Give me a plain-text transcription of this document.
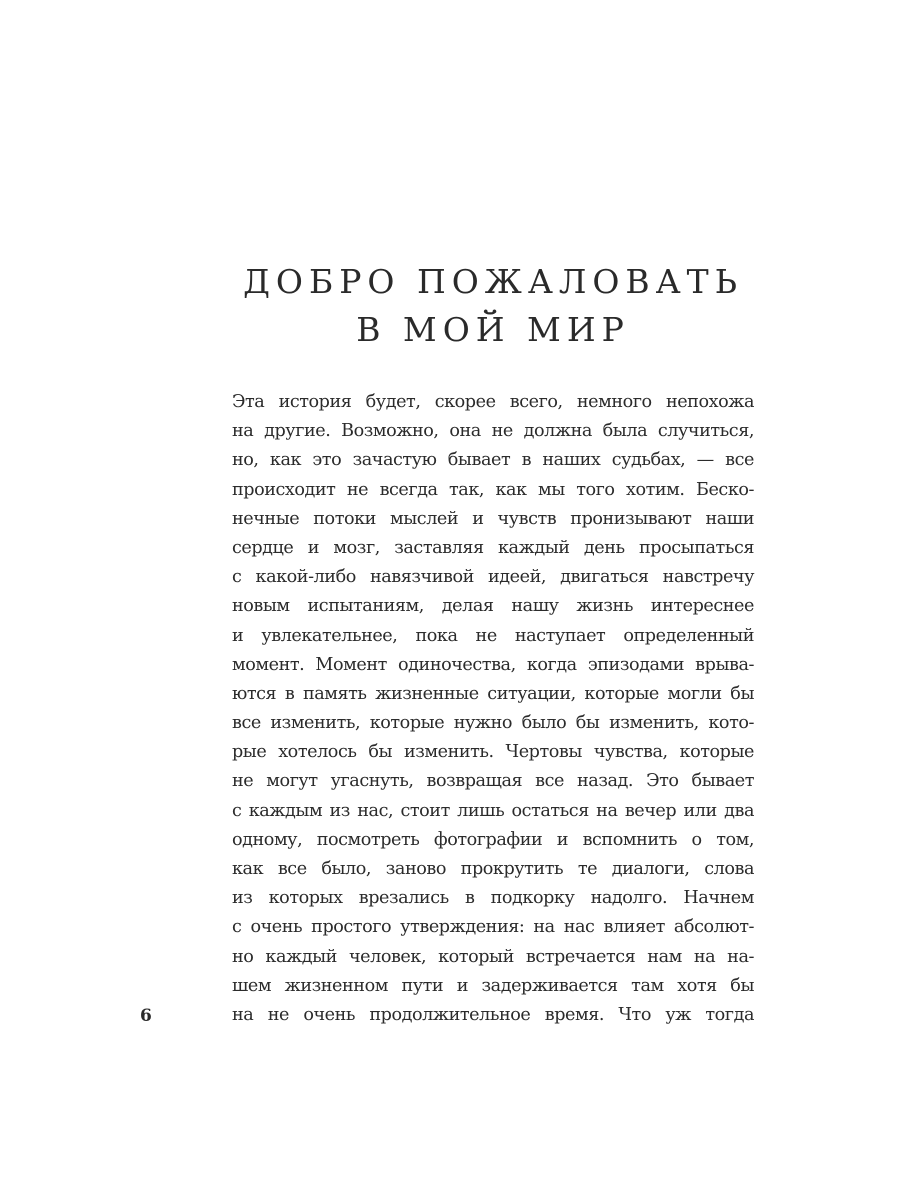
ДОБРО ПОЖАЛОВАТЬ
В МОЙ МИР
Эта история будет, скорее всего, немного непохожа
на другие. Возможно, она не должна была случиться,
но, как это зачастую бывает в наших судьбах, — все
происходит не всегда так, как мы того хотим. Беско-
нечные потоки мыслей и чувств пронизывают наши
сердце и мозг, заставляя каждый день просыпаться
с какой-либо навязчивой идеей, двигаться навстречу
новым испытаниям, делая нашу жизнь интереснее
и увлекательнее, пока не наступает определенный
момент. Момент одиночества, когда эпизодами врыва-
ются в память жизненные ситуации, которые могли бы
все изменить, которые нужно было бы изменить, кото-
рые хотелось бы изменить. Чертовы чувства, которые
не могут угаснуть, возвращая все назад. Это бывает
с каждым из нас, стоит лишь остаться на вечер или два
одному, посмотреть фотографии и вспомнить о том,
как все было, заново прокрутить те диалоги, слова
из которых врезались в подкорку надолго. Начнем
с очень простого утверждения: на нас влияет абсолют-
но каждый человек, который встречается нам на на-
шем жизненном пути и задерживается там хотя бы
на не очень продолжительное время. Что уж тогда
6
